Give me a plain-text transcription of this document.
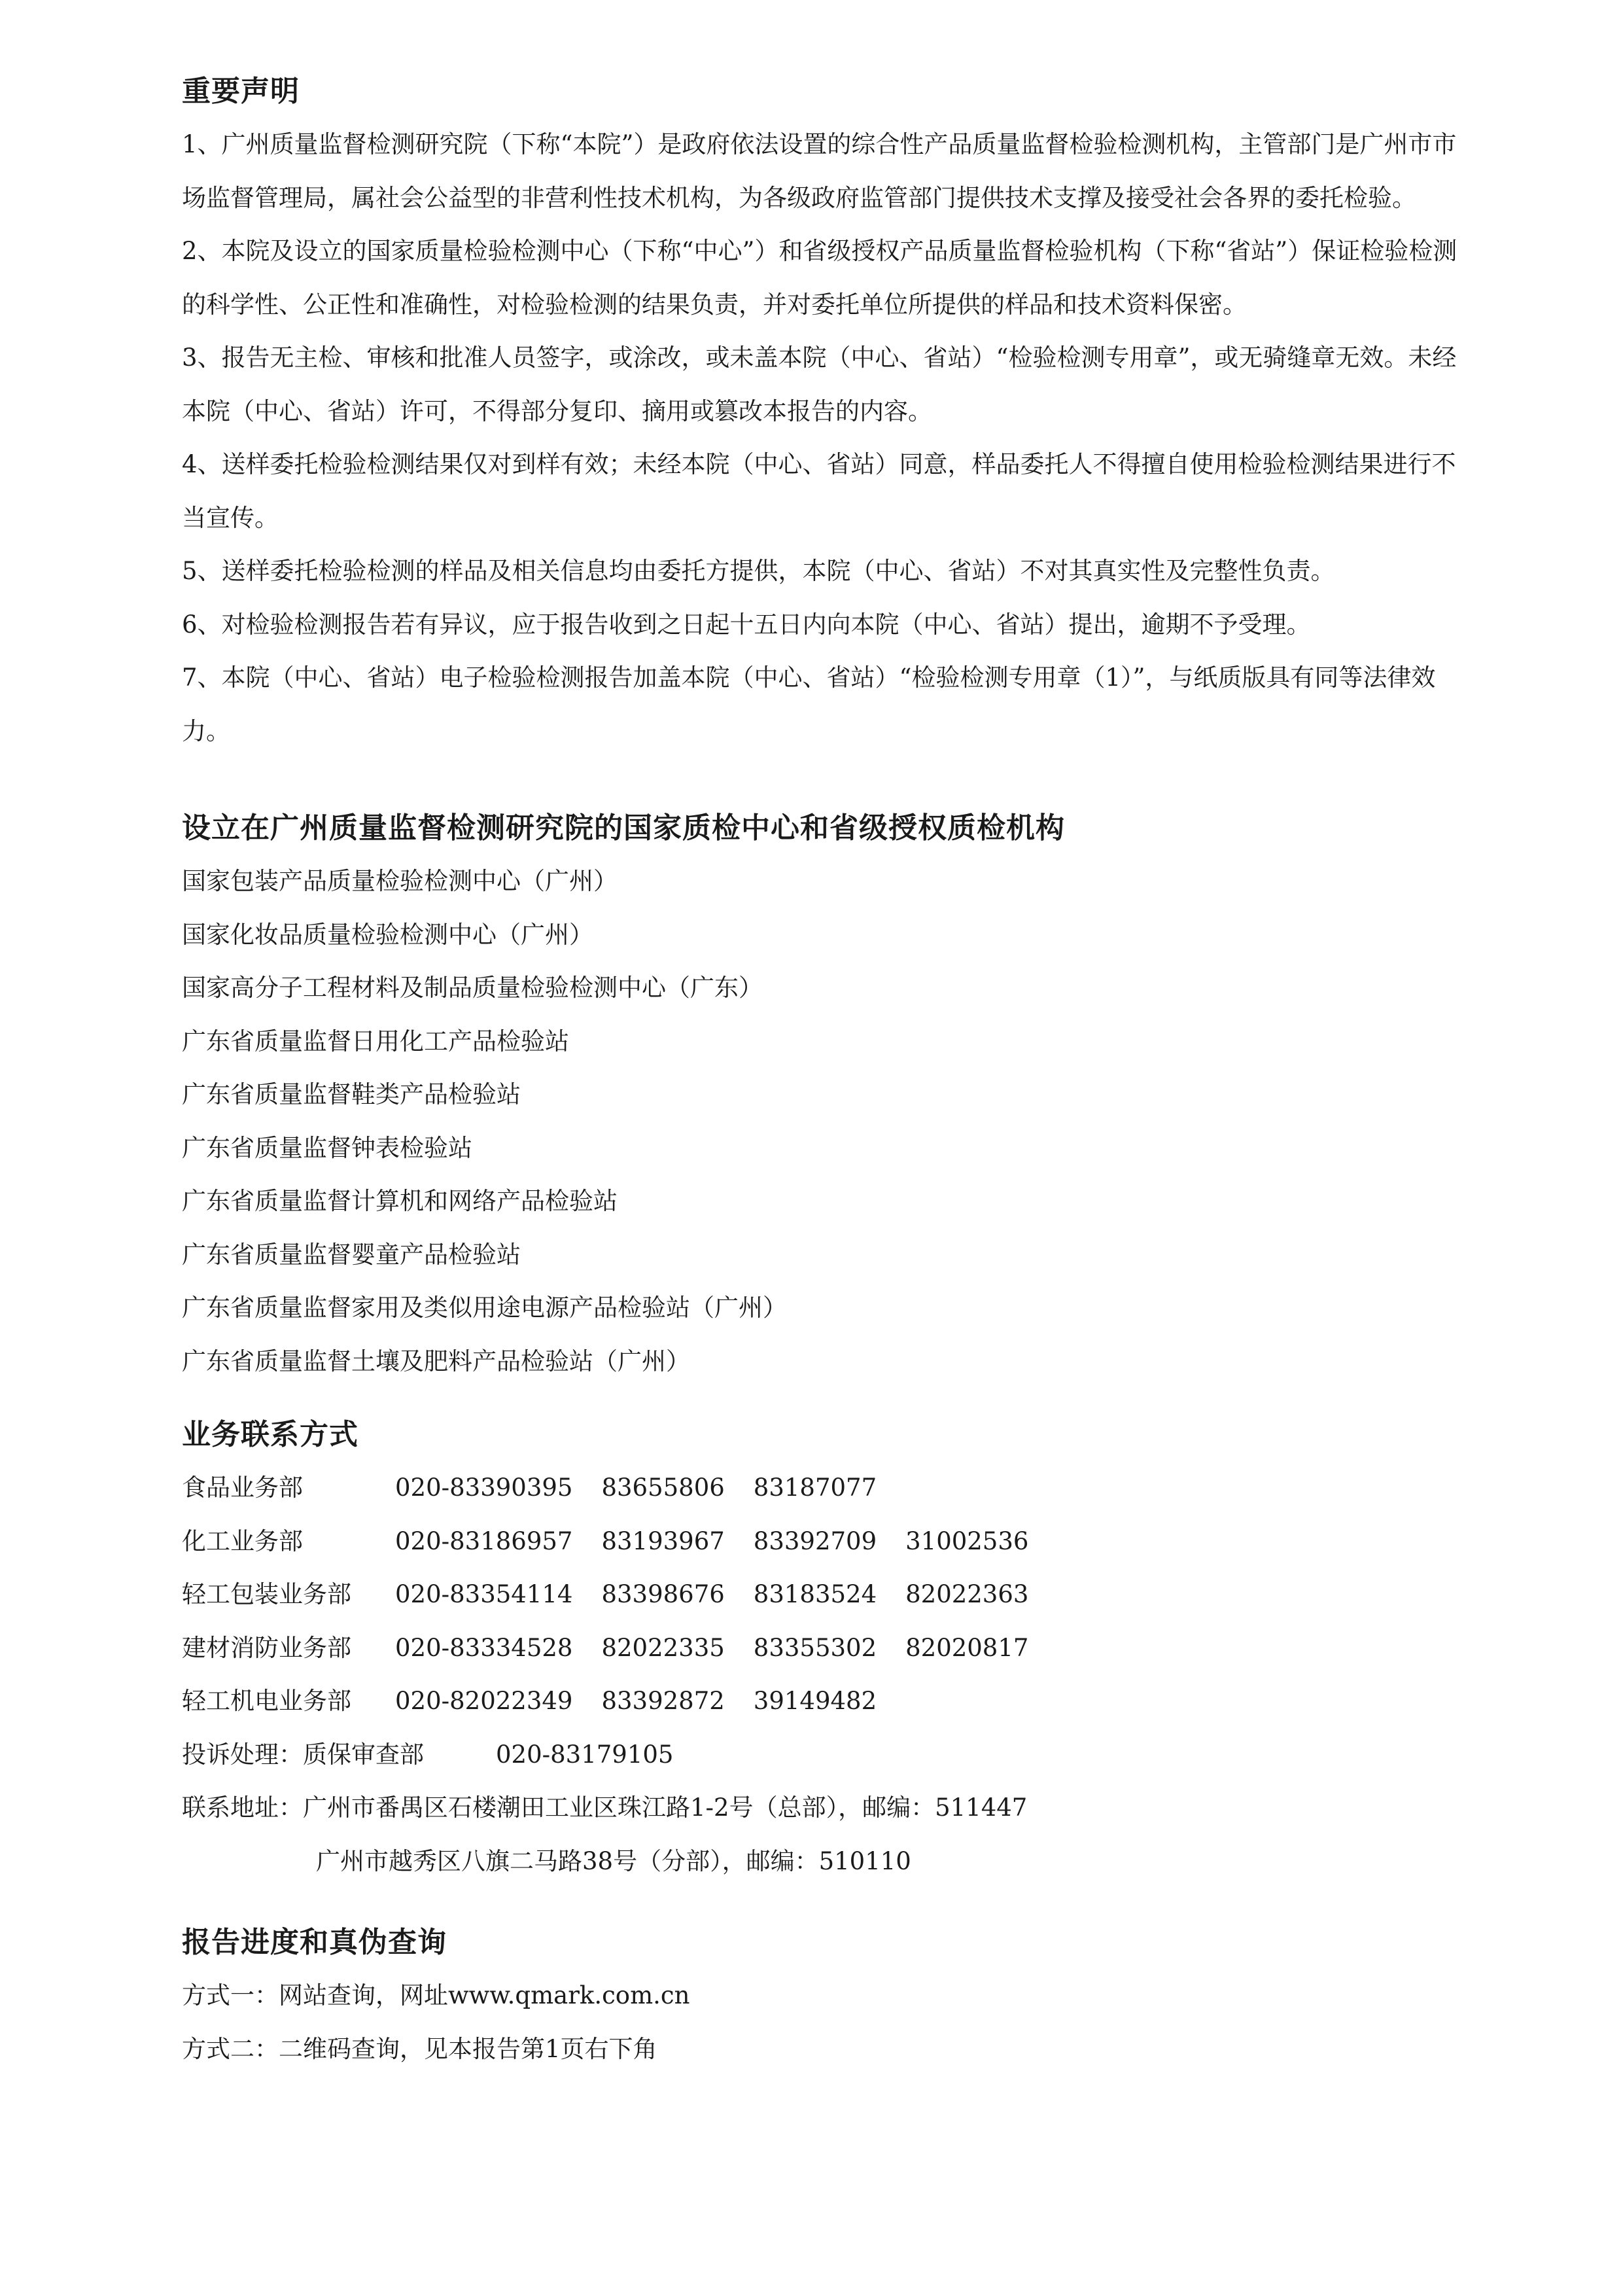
重要声明

1、广州质量监督检测研究院（下称“本院”）是政府依法设置的综合性产品质量监督检验检测机构，主管部门是广州市市场监督管理局，属社会公益型的非营利性技术机构，为各级政府监管部门提供技术支撑及接受社会各界的委托检验。

2、本院及设立的国家质量检验检测中心（下称“中心”）和省级授权产品质量监督检验机构（下称“省站”）保证检验检测的科学性、公正性和准确性，对检验检测的结果负责，并对委托单位所提供的样品和技术资料保密。

3、报告无主检、审核和批准人员签字，或涂改，或未盖本院（中心、省站）“检验检测专用章”，或无骑缝章无效。未经本院（中心、省站）许可，不得部分复印、摘用或篡改本报告的内容。

4、送样委托检验检测结果仅对到样有效；未经本院（中心、省站）同意，样品委托人不得擅自使用检验检测结果进行不当宣传。

5、送样委托检验检测的样品及相关信息均由委托方提供，本院（中心、省站）不对其真实性及完整性负责。

6、对检验检测报告若有异议，应于报告收到之日起十五日内向本院（中心、省站）提出，逾期不予受理。

7、本院（中心、省站）电子检验检测报告加盖本院（中心、省站）“检验检测专用章（1）”，与纸质版具有同等法律效力。

设立在广州质量监督检测研究院的国家质检中心和省级授权质检机构

国家包装产品质量检验检测中心（广州）

国家化妆品质量检验检测中心（广州）

国家高分子工程材料及制品质量检验检测中心（广东）

广东省质量监督日用化工产品检验站

广东省质量监督鞋类产品检验站

广东省质量监督钟表检验站

广东省质量监督计算机和网络产品检验站

广东省质量监督婴童产品检验站

广东省质量监督家用及类似用途电源产品检验站（广州）

广东省质量监督土壤及肥料产品检验站（广州）

业务联系方式
食品业务部	020-83390395	83655806	83187077	
化工业务部	020-83186957	83193967	83392709	31002536
轻工包装业务部	020-83354114	83398676	83183524	82022363
建材消防业务部	020-83334528	82022335	83355302	82020817
轻工机电业务部	020-82022349	83392872	39149482	
投诉处理：质保审查部	020-83179105
联系地址：广州市番禺区石楼潮田工业区珠江路1-2号（总部），邮编：511447
广州市越秀区八旗二马路38号（分部），邮编：510110
报告进度和真伪查询
方式一：网站查询，网址www.qmark.com.cn
方式二：二维码查询，见本报告第1页右下角
